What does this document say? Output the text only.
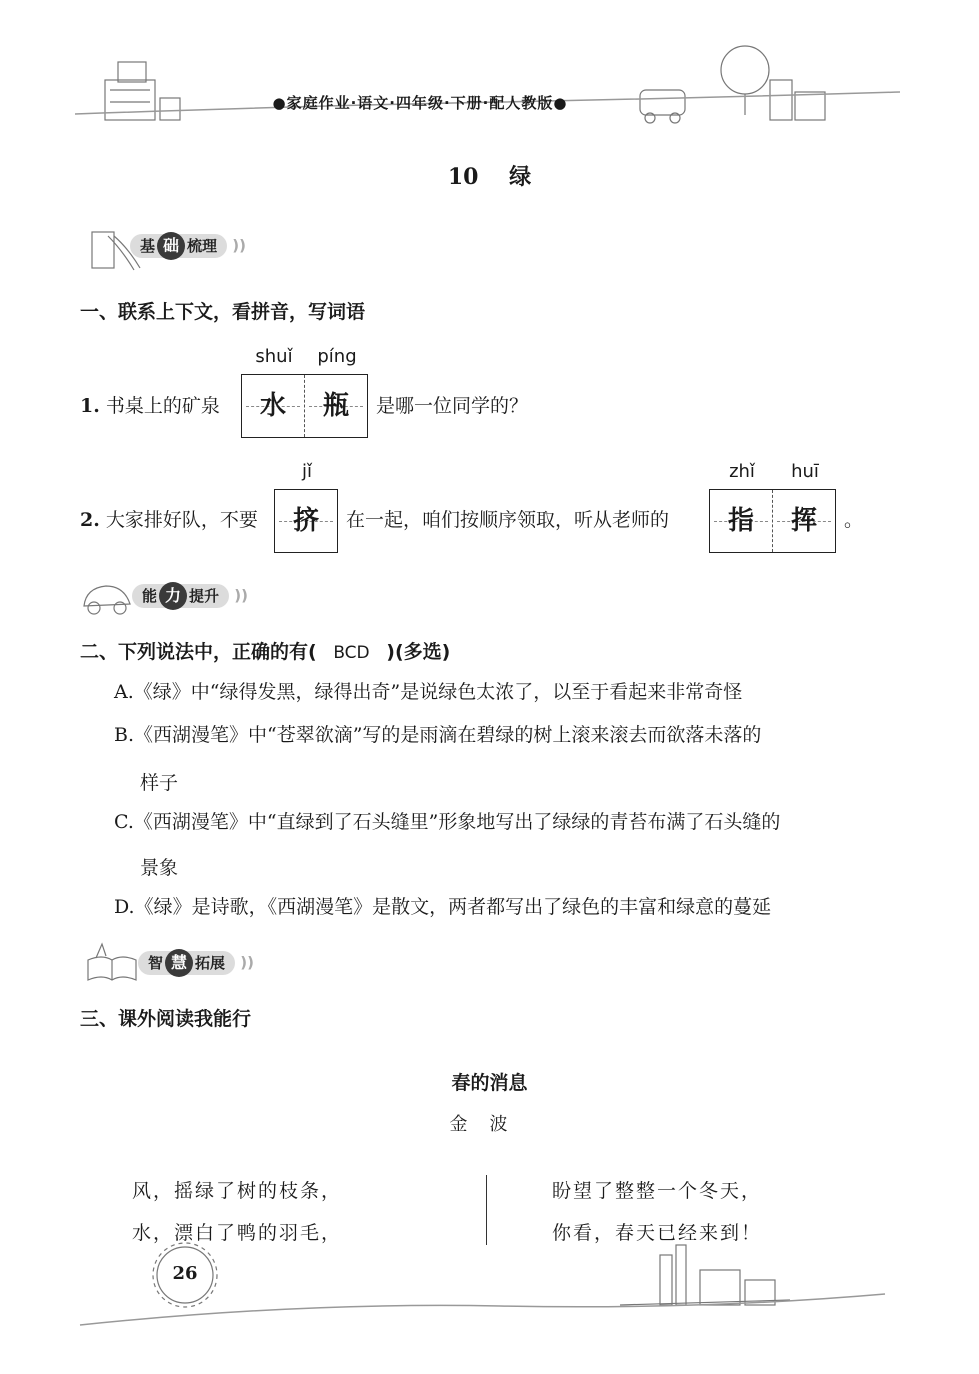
●家庭作业·语文·四年级·下册·配人教版●
10 绿
基 础 梳理 ))
一、联系上下文，看拼音，写词语
1. 书桌上的矿泉
shuǐ	píng
水	瓶	是哪一位同学的？
2. 大家排好队，不要
jǐ
挤	在一起，咱们按顺序领取，听从老师的
zhǐ	huī
指	挥	。
能 力 提升 ))
二、下列说法中，正确的有( BCD )(多选)
A.《绿》中“绿得发黑，绿得出奇”是说绿色太浓了，以至于看起来非常奇怪
B.《西湖漫笔》中“苍翠欲滴”写的是雨滴在碧绿的树上滚来滚去而欲落未落的
样子
C.《西湖漫笔》中“直绿到了石头缝里”形象地写出了绿绿的青苔布满了石头缝的
景象
D.《绿》是诗歌，《西湖漫笔》是散文，两者都写出了绿色的丰富和绿意的蔓延
智 慧 拓展 ))
三、课外阅读我能行
春的消息
金波
风，摇绿了树的枝条，
水，漂白了鸭的羽毛，
盼望了整整一个冬天，
你看，春天已经来到！
26
